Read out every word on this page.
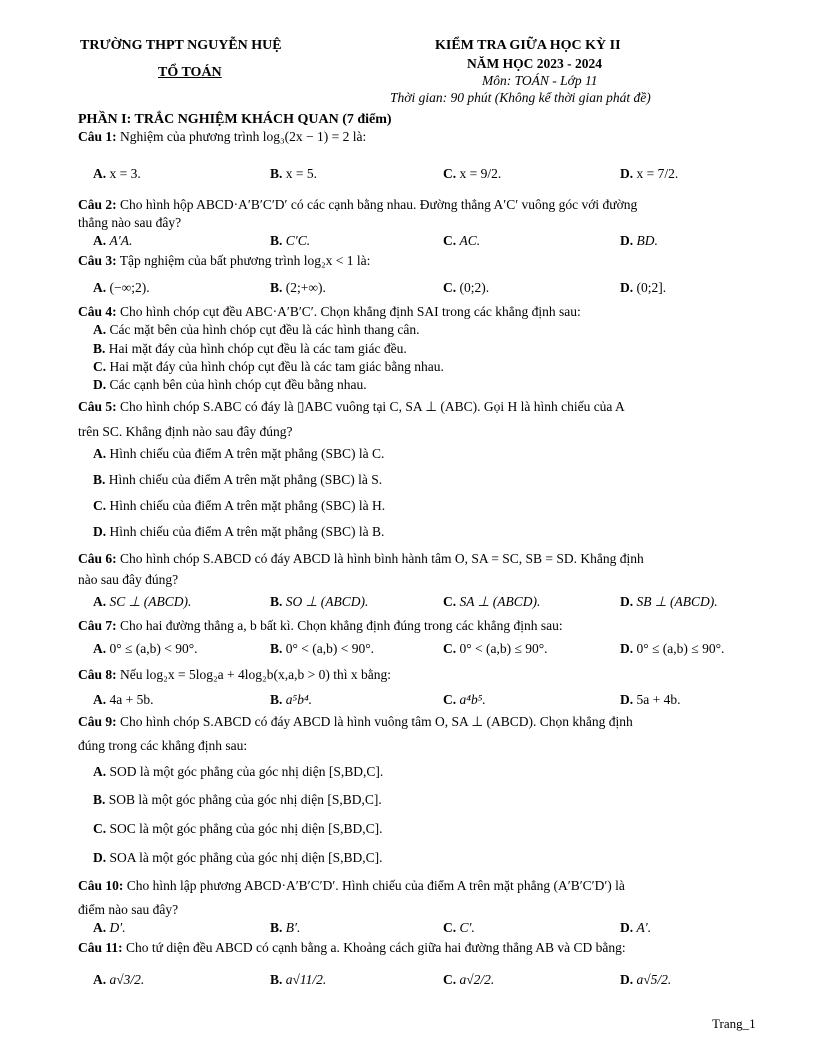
TRƯỜNG THPT NGUYỄN HUỆ
TỔ TOÁN
KIỂM TRA GIỮA HỌC KỲ II
NĂM HỌC 2023 - 2024
Môn: TOÁN - Lớp 11
Thời gian: 90 phút (Không kể thời gian phát đề)
PHẦN I: TRẮC NGHIỆM KHÁCH QUAN (7 điểm)
Câu 1: Nghiệm của phương trình log₃(2x − 1) = 2 là:
A. x = 3.	B. x = 5.	C. x = 9/2.	D. x = 7/2.
Câu 2: Cho hình hộp ABCD·A′B′C′D′ có các cạnh bằng nhau. Đường thẳng A′C′ vuông góc với đường
thẳng nào sau đây?
A. A′A.	B. C′C.	C. AC.	D. BD.
Câu 3: Tập nghiệm của bất phương trình log₂x < 1 là:
A. (−∞;2).	B. (2;+∞).	C. (0;2).	D. (0;2].
Câu 4: Cho hình chóp cụt đều ABC·A′B′C′. Chọn khẳng định SAI trong các khẳng định sau:
A. Các mặt bên của hình chóp cụt đều là các hình thang cân.
B. Hai mặt đáy của hình chóp cụt đều là các tam giác đều.
C. Hai mặt đáy của hình chóp cụt đều là các tam giác bằng nhau.
D. Các cạnh bên của hình chóp cụt đều bằng nhau.
Câu 5: Cho hình chóp S.ABC có đáy là ▯ABC vuông tại C, SA ⊥ (ABC). Gọi H là hình chiếu của A
trên SC. Khẳng định nào sau đây đúng?
A. Hình chiếu của điểm A trên mặt phẳng (SBC) là C.
B. Hình chiếu của điểm A trên mặt phẳng (SBC) là S.
C. Hình chiếu của điểm A trên mặt phẳng (SBC) là H.
D. Hình chiếu của điểm A trên mặt phẳng (SBC) là B.
Câu 6: Cho hình chóp S.ABCD có đáy ABCD là hình bình hành tâm O, SA = SC, SB = SD. Khẳng định
nào sau đây đúng?
A. SC ⊥ (ABCD).	B. SO ⊥ (ABCD).	C. SA ⊥ (ABCD).	D. SB ⊥ (ABCD).
Câu 7: Cho hai đường thẳng a, b bất kì. Chọn khẳng định đúng trong các khẳng định sau:
A. 0° ≤ (a,b) < 90°.	B. 0° < (a,b) < 90°.	C. 0° < (a,b) ≤ 90°.	D. 0° ≤ (a,b) ≤ 90°.
Câu 8: Nếu log₂x = 5log₂a + 4log₂b(x,a,b > 0) thì x bằng:
A. 4a + 5b.	B. a⁵b⁴.	C. a⁴b⁵.	D. 5a + 4b.
Câu 9: Cho hình chóp S.ABCD có đáy ABCD là hình vuông tâm O, SA ⊥ (ABCD). Chọn khẳng định
đúng trong các khẳng định sau:
A. SOD là một góc phẳng của góc nhị diện [S,BD,C].
B. SOB là một góc phẳng của góc nhị diện [S,BD,C].
C. SOC là một góc phẳng của góc nhị diện [S,BD,C].
D. SOA là một góc phẳng của góc nhị diện [S,BD,C].
Câu 10: Cho hình lập phương ABCD·A′B′C′D′. Hình chiếu của điểm A trên mặt phẳng (A′B′C′D′) là
điểm nào sau đây?
A. D′.	B. B′.	C. C′.	D. A′.
Câu 11: Cho tứ diện đều ABCD có cạnh bằng a. Khoảng cách giữa hai đường thẳng AB và CD bằng:
A. a√3/2.	B. a√11/2.	C. a√2/2.	D. a√5/2.
Trang_1
